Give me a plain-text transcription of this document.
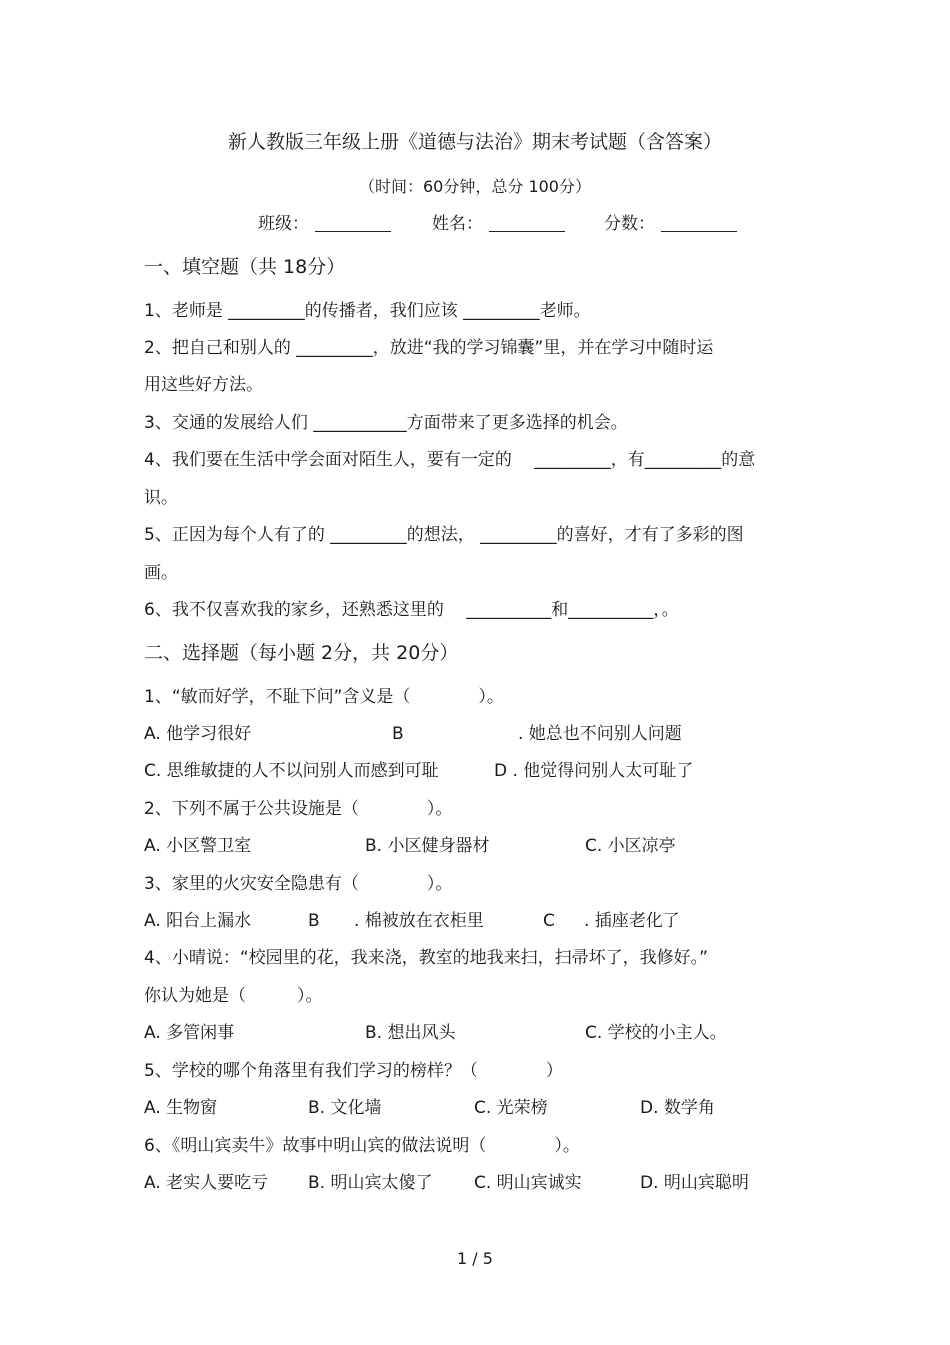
新人教版三年级上册《道德与法治》期末考试题（含答案）
（时间：60分钟，总分 100分）
班级：	姓名：	分数：
一、填空题（共 18分）
1、老师是 _________的传播者，我们应该 _________老师。
2、把自己和别人的 _________，放进“我的学习锦囊”里，并在学习中随时运
用这些好方法。
3、交通的发展给人们 ___________方面带来了更多选择的机会。
4、我们要在生活中学会面对陌生人，要有一定的　 _________，有_________的意
识。
5、正因为每个人有了的 _________的想法， _________的喜好，才有了多彩的图
画。
6、我不仅喜欢我的家乡，还熟悉这里的　 __________和__________，。
二、选择题（每小题 2分，共 20分）
1、“敏而好学，不耻下问”含义是（　　　　）。
A. 他学习很好	B	. 她总也不问别人问题
C. 思维敏捷的人不以问别人而感到可耻	D . 他觉得问别人太可耻了
2、下列不属于公共设施是（　　　　）。
A. 小区警卫室	B. 小区健身器材	C. 小区凉亭
3、家里的火灾安全隐患有（　　　　）。
A. 阳台上漏水	B . 棉被放在衣柜里	C . 插座老化了
4、小晴说：“校园里的花，我来浇，教室的地我来扫，扫帚坏了，我修好。”
你认为她是（　　　）。
A. 多管闲事	B. 想出风头	C. 学校的小主人。
5、学校的哪个角落里有我们学习的榜样？（　　　　）
A. 生物窗	B. 文化墙	C. 光荣榜	D. 数学角
6、《明山宾卖牛》故事中明山宾的做法说明（　　　　）。
A. 老实人要吃亏 B. 明山宾太傻了 C. 明山宾诚实	D. 明山宾聪明
1 / 5
